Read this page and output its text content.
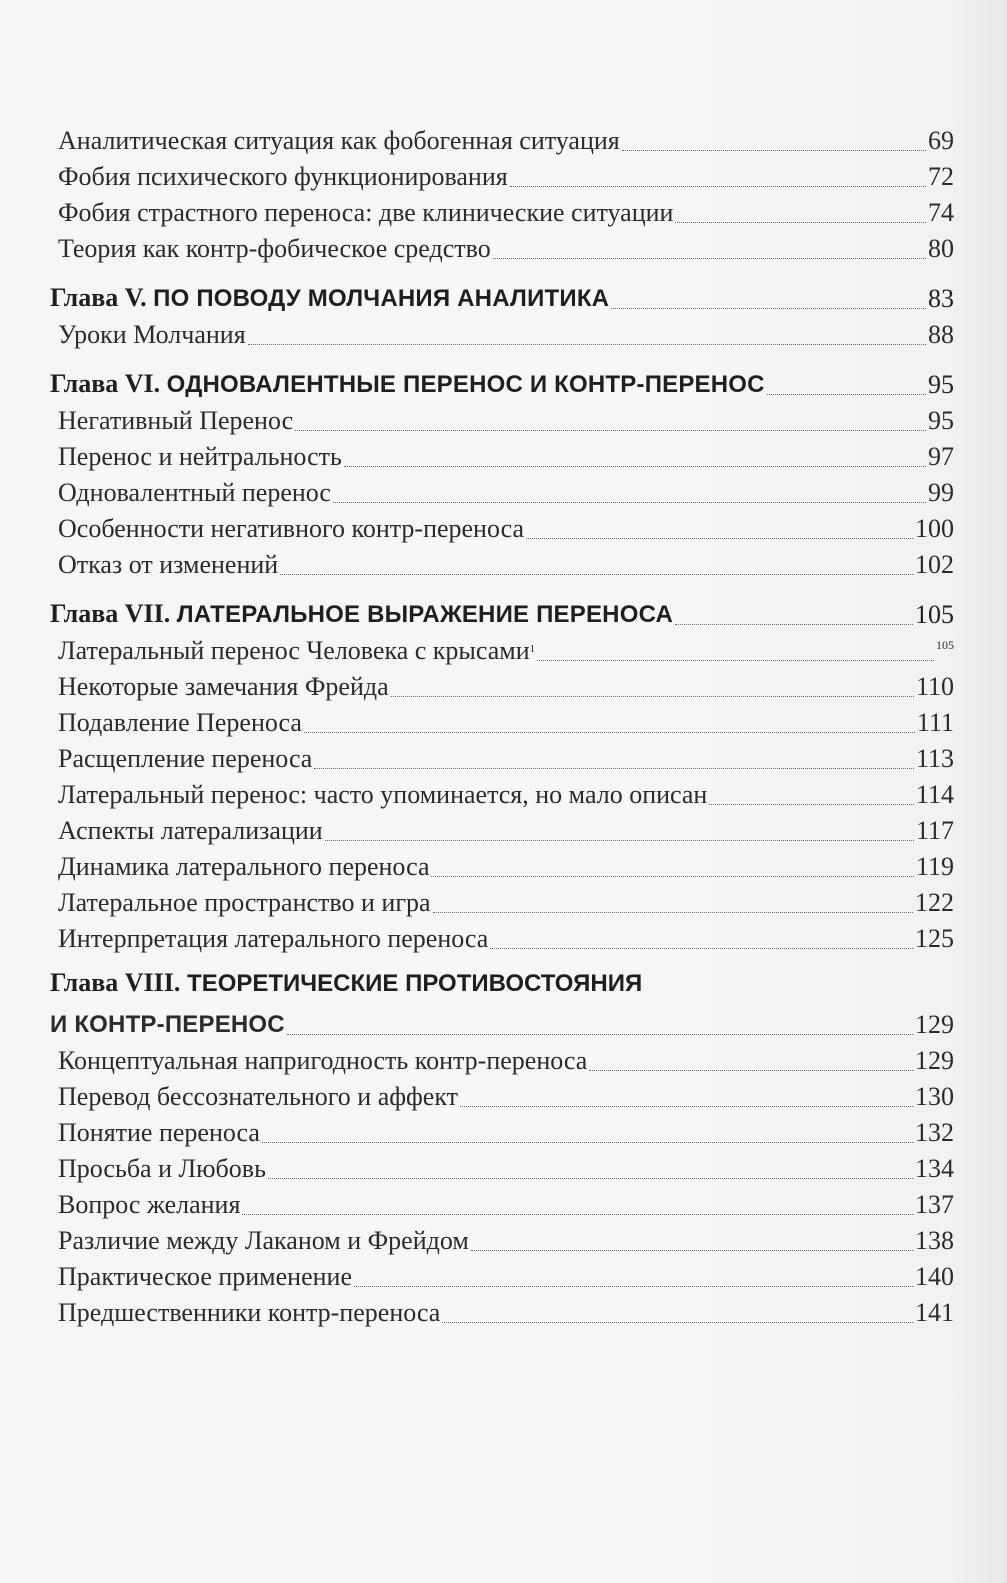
Аналитическая ситуация как фобогенная ситуация	69
Фобия психического функционирования	72
Фобия страстного переноса: две клинические ситуации	74
Теория как контр-фобическое средство	80
Глава V. ПО ПОВОДУ МОЛЧАНИЯ АНАЛИТИКА	83
Уроки Молчания	88
Глава VI. ОДНОВАЛЕНТНЫЕ ПЕРЕНОС И КОНТР-ПЕРЕНОС	95
Негативный Перенос	95
Перенос и нейтральность	97
Одновалентный перенос	99
Особенности негативного контр-переноса	100
Отказ от изменений	102
Глава VII. ЛАТЕРАЛЬНОЕ ВЫРАЖЕНИЕ ПЕРЕНОСА	105
Латеральный перенос Человека с крысами$^1$	105
Некоторые замечания Фрейда	110
Подавление Переноса	111
Расщепление переноса	113
Латеральный перенос: часто упоминается, но мало описан	114
Аспекты латерализации	117
Динамика латерального переноса	119
Латеральное пространство и игра	122
Интерпретация латерального переноса	125
Глава VIII. ТЕОРЕТИЧЕСКИЕ ПРОТИВОСТОЯНИЯ
И КОНТР-ПЕРЕНОС	129
Концептуальная напригодность контр-переноса	129
Перевод бессознательного и аффект	130
Понятие переноса	132
Просьба и Любовь	134
Вопрос желания	137
Различие между Лаканом и Фрейдом	138
Практическое применение	140
Предшественники контр-переноса	141
